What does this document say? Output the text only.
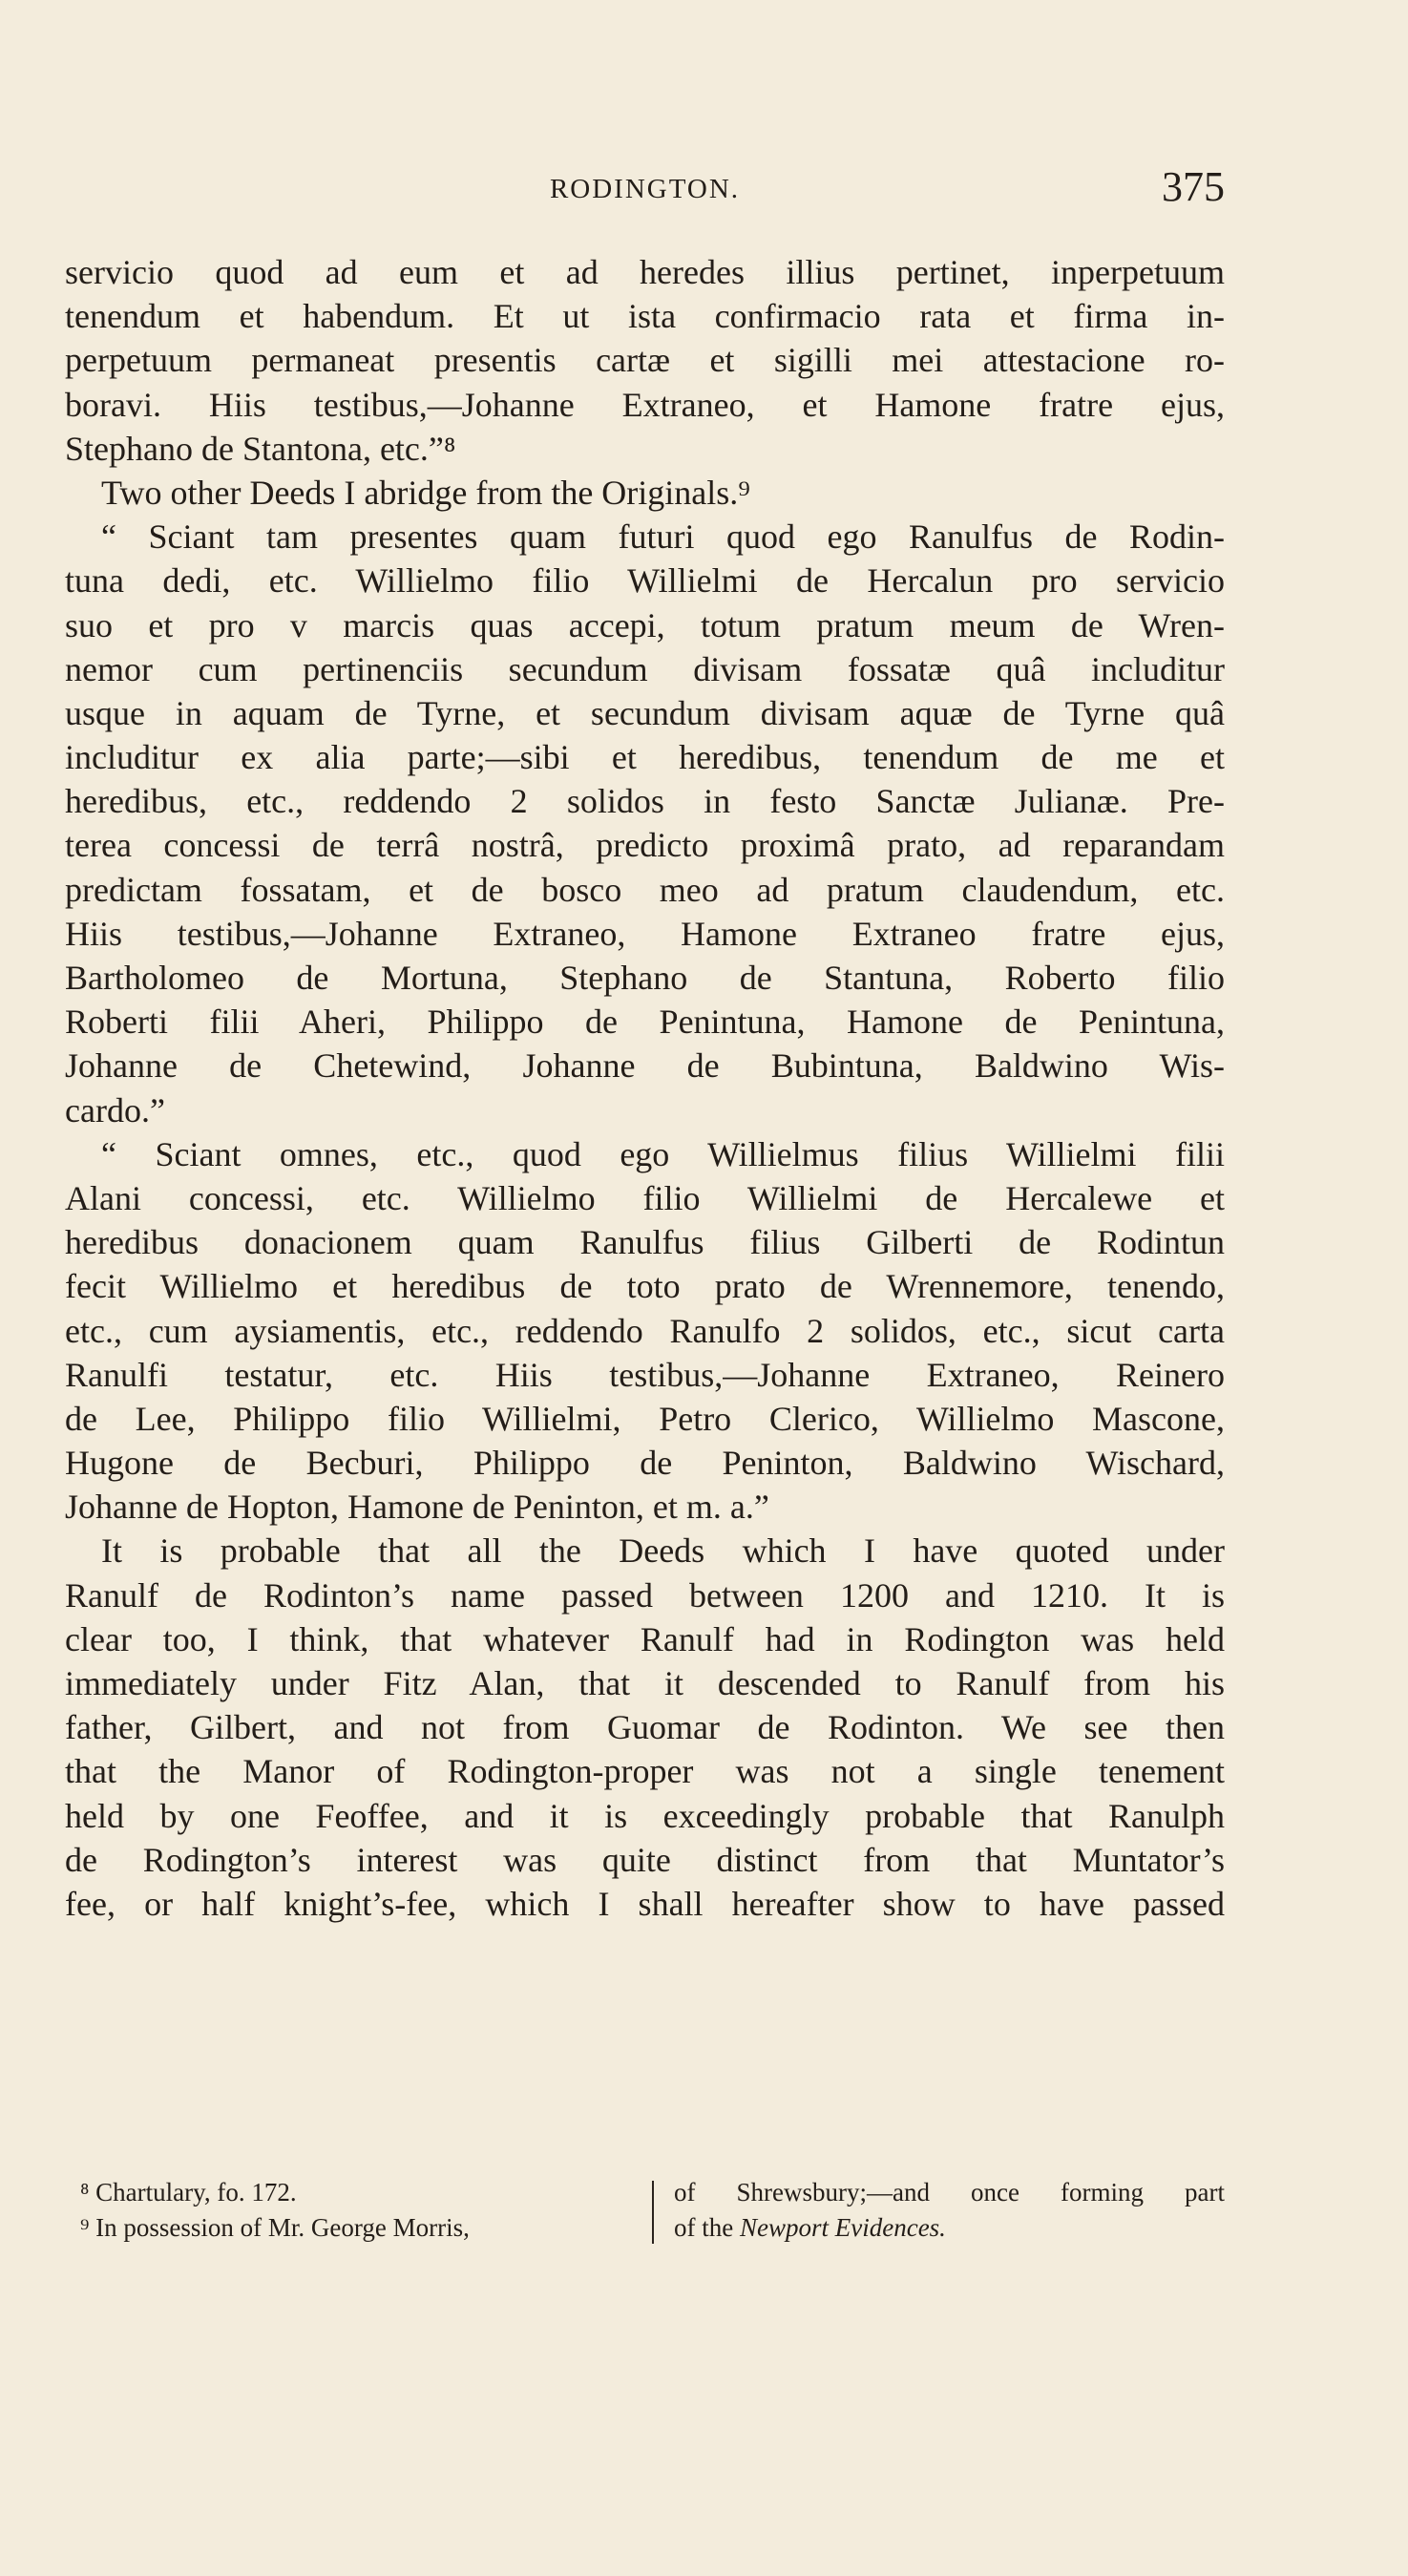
RODINGTON.	375
servicio quod ad eum et ad heredes illius pertinet, inperpetuum
tenendum et habendum. Et ut ista confirmacio rata et firma in-
perpetuum permaneat presentis cartæ et sigilli mei attestacione ro-
boravi. Hiis testibus,—Johanne Extraneo, et Hamone fratre ejus,
Stephano de Stantona, etc.”⁸
Two other Deeds I abridge from the Originals.⁹
“ Sciant tam presentes quam futuri quod ego Ranulfus de Rodin-
tuna dedi, etc. Willielmo filio Willielmi de Hercalun pro servicio
suo et pro v marcis quas accepi, totum pratum meum de Wren-
nemor cum pertinenciis secundum divisam fossatæ quâ includitur
usque in aquam de Tyrne, et secundum divisam aquæ de Tyrne quâ
includitur ex alia parte;—sibi et heredibus, tenendum de me et
heredibus, etc., reddendo 2 solidos in festo Sanctæ Julianæ. Pre-
terea concessi de terrâ nostrâ, predicto proximâ prato, ad reparandam
predictam fossatam, et de bosco meo ad pratum claudendum, etc.
Hiis testibus,—Johanne Extraneo, Hamone Extraneo fratre ejus,
Bartholomeo de Mortuna, Stephano de Stantuna, Roberto filio
Roberti filii Aheri, Philippo de Penintuna, Hamone de Penintuna,
Johanne de Chetewind, Johanne de Bubintuna, Baldwino Wis-
cardo.”
“ Sciant omnes, etc., quod ego Willielmus filius Willielmi filii
Alani concessi, etc. Willielmo filio Willielmi de Hercalewe et
heredibus donacionem quam Ranulfus filius Gilberti de Rodintun
fecit Willielmo et heredibus de toto prato de Wrennemore, tenendo,
etc., cum aysiamentis, etc., reddendo Ranulfo 2 solidos, etc., sicut carta
Ranulfi testatur, etc. Hiis testibus,—Johanne Extraneo, Reinero
de Lee, Philippo filio Willielmi, Petro Clerico, Willielmo Mascone,
Hugone de Becburi, Philippo de Peninton, Baldwino Wischard,
Johanne de Hopton, Hamone de Peninton, et m. a.”
It is probable that all the Deeds which I have quoted under
Ranulf de Rodinton’s name passed between 1200 and 1210. It is
clear too, I think, that whatever Ranulf had in Rodington was held
immediately under Fitz Alan, that it descended to Ranulf from his
father, Gilbert, and not from Guomar de Rodinton. We see then
that the Manor of Rodington-proper was not a single tenement
held by one Feoffee, and it is exceedingly probable that Ranulph
de Rodington’s interest was quite distinct from that Muntator’s
fee, or half knight’s-fee, which I shall hereafter show to have passed
⁸ Chartulary, fo. 172.
⁹ In possession of Mr. George Morris,
of Shrewsbury;—and once forming part
of the Newport Evidences.
